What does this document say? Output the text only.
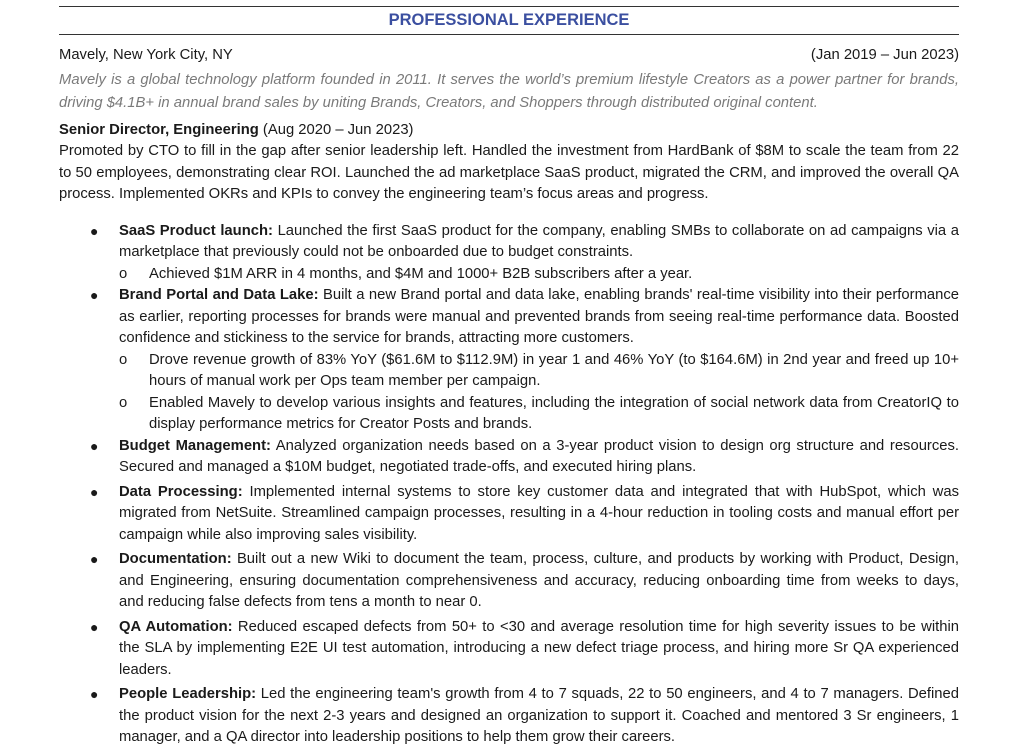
PROFESSIONAL EXPERIENCE
Mavely, New York City, NY	(Jan 2019 – Jun 2023)
Mavely is a global technology platform founded in 2011. It serves the world’s premium lifestyle Creators as a power partner for brands, driving $4.1B+ in annual brand sales by uniting Brands, Creators, and Shoppers through distributed original content.
Senior Director, Engineering (Aug 2020 – Jun 2023)
Promoted by CTO to fill in the gap after senior leadership left. Handled the investment from HardBank of $8M to scale the team from 22 to 50 employees, demonstrating clear ROI. Launched the ad marketplace SaaS product, migrated the CRM, and improved the overall QA process. Implemented OKRs and KPIs to convey the engineering team’s focus areas and progress.
● SaaS Product launch: Launched the first SaaS product for the company, enabling SMBs to collaborate on ad campaigns via a marketplace that previously could not be onboarded due to budget constraints.
o Achieved $1M ARR in 4 months, and $4M and 1000+ B2B subscribers after a year.
● Brand Portal and Data Lake: Built a new Brand portal and data lake, enabling brands' real-time visibility into their performance as earlier, reporting processes for brands were manual and prevented brands from seeing real-time performance data. Boosted confidence and stickiness to the service for brands, attracting more customers.
o Drove revenue growth of 83% YoY ($61.6M to $112.9M) in year 1 and 46% YoY (to $164.6M) in 2nd year and freed up 10+ hours of manual work per Ops team member per campaign.
o Enabled Mavely to develop various insights and features, including the integration of social network data from CreatorIQ to display performance metrics for Creator Posts and brands.
● Budget Management: Analyzed organization needs based on a 3-year product vision to design org structure and resources. Secured and managed a $10M budget, negotiated trade-offs, and executed hiring plans.
● Data Processing: Implemented internal systems to store key customer data and integrated that with HubSpot, which was migrated from NetSuite. Streamlined campaign processes, resulting in a 4-hour reduction in tooling costs and manual effort per campaign while also improving sales visibility.
● Documentation: Built out a new Wiki to document the team, process, culture, and products by working with Product, Design, and Engineering, ensuring documentation comprehensiveness and accuracy, reducing onboarding time from weeks to days, and reducing false defects from tens a month to near 0.
● QA Automation: Reduced escaped defects from 50+ to <30 and average resolution time for high severity issues to be within the SLA by implementing E2E UI test automation, introducing a new defect triage process, and hiring more Sr QA experienced leaders.
● People Leadership: Led the engineering team's growth from 4 to 7 squads, 22 to 50 engineers, and 4 to 7 managers. Defined the product vision for the next 2-3 years and designed an organization to support it. Coached and mentored 3 Sr engineers, 1 manager, and a QA director into leadership positions to help them grow their careers.
